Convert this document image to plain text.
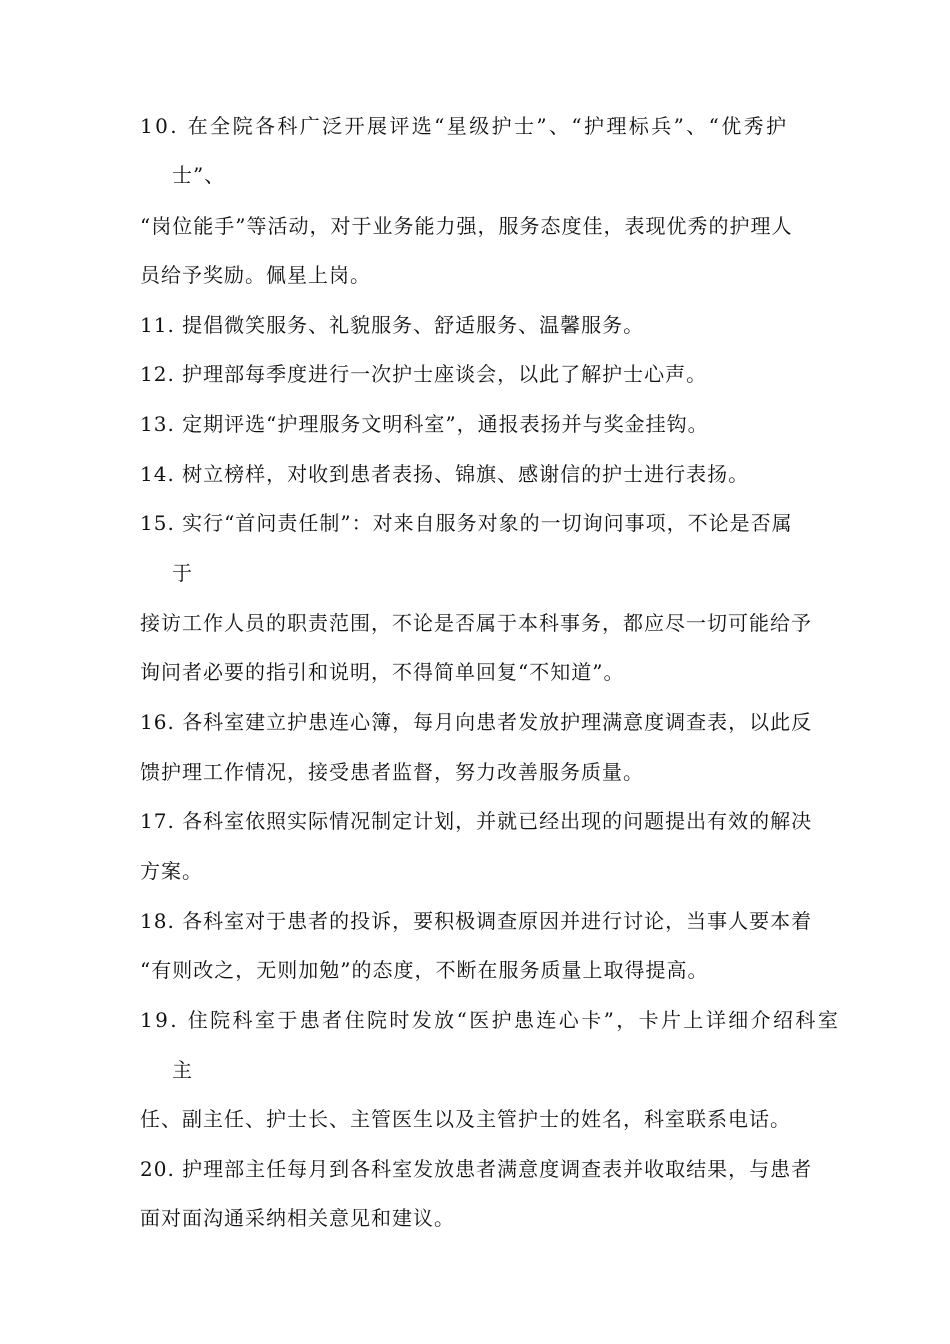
10. 在全院各科广泛开展评选“星级护士”、“护理标兵”、“优秀护
士”、
“岗位能手”等活动，对于业务能力强，服务态度佳，表现优秀的护理人
员给予奖励。佩星上岗。
11. 提倡微笑服务、礼貌服务、舒适服务、温馨服务。
12. 护理部每季度进行一次护士座谈会，以此了解护士心声。
13. 定期评选“护理服务文明科室”，通报表扬并与奖金挂钩。
14. 树立榜样，对收到患者表扬、锦旗、感谢信的护士进行表扬。
15. 实行“首问责任制”：对来自服务对象的一切询问事项，不论是否属
于
接访工作人员的职责范围，不论是否属于本科事务，都应尽一切可能给予
询问者必要的指引和说明，不得简单回复“不知道”。
16. 各科室建立护患连心簿，每月向患者发放护理满意度调查表，以此反
馈护理工作情况，接受患者监督，努力改善服务质量。
17. 各科室依照实际情况制定计划，并就已经出现的问题提出有效的解决
方案。
18. 各科室对于患者的投诉，要积极调查原因并进行讨论，当事人要本着
“有则改之，无则加勉”的态度，不断在服务质量上取得提高。
19. 住院科室于患者住院时发放“医护患连心卡”，卡片上详细介绍科室
主
任、副主任、护士长、主管医生以及主管护士的姓名，科室联系电话。
20. 护理部主任每月到各科室发放患者满意度调查表并收取结果，与患者
面对面沟通采纳相关意见和建议。
